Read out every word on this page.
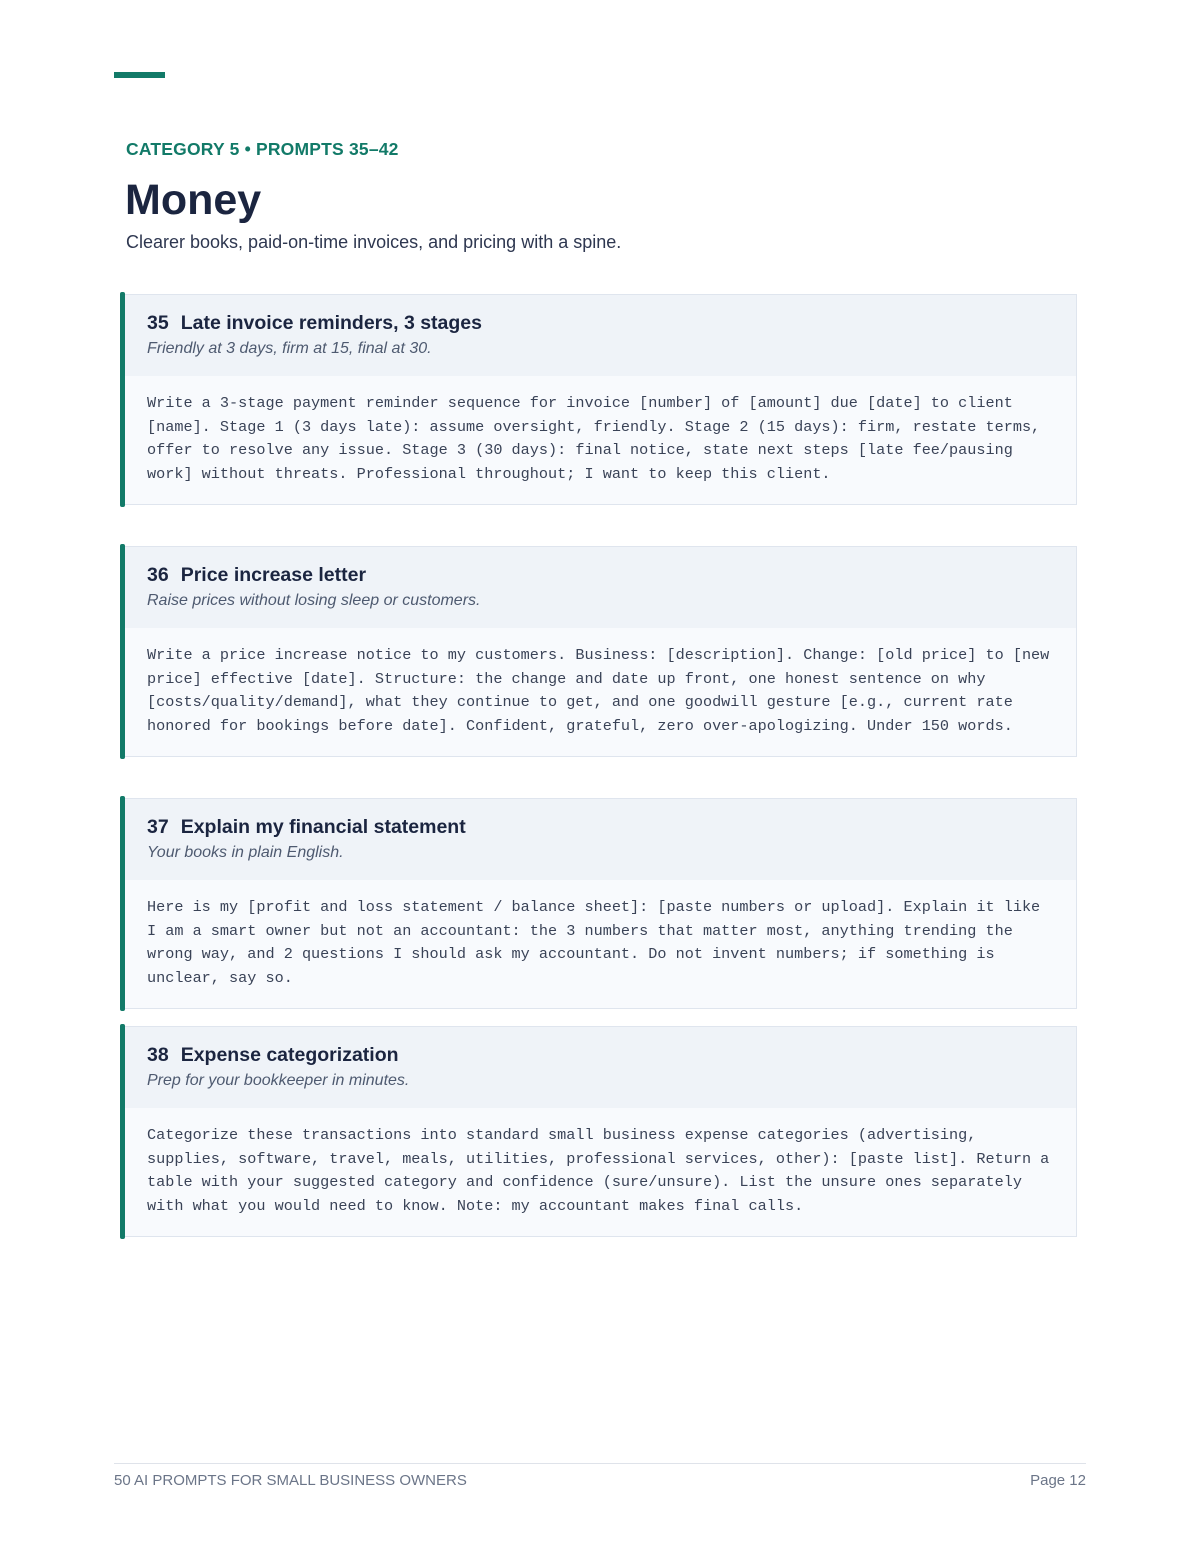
CATEGORY 5 • PROMPTS 35–42
Money
Clearer books, paid-on-time invoices, and pricing with a spine.
35 Late invoice reminders, 3 stages
Friendly at 3 days, firm at 15, final at 30.
Write a 3-stage payment reminder sequence for invoice [number] of [amount] due [date] to client [name]. Stage 1 (3 days late): assume oversight, friendly. Stage 2 (15 days): firm, restate terms, offer to resolve any issue. Stage 3 (30 days): final notice, state next steps [late fee/pausing work] without threats. Professional throughout; I want to keep this client.
36 Price increase letter
Raise prices without losing sleep or customers.
Write a price increase notice to my customers. Business: [description]. Change: [old price] to [new price] effective [date]. Structure: the change and date up front, one honest sentence on why [costs/quality/demand], what they continue to get, and one goodwill gesture [e.g., current rate honored for bookings before date]. Confident, grateful, zero over-apologizing. Under 150 words.
37 Explain my financial statement
Your books in plain English.
Here is my [profit and loss statement / balance sheet]: [paste numbers or upload]. Explain it like I am a smart owner but not an accountant: the 3 numbers that matter most, anything trending the wrong way, and 2 questions I should ask my accountant. Do not invent numbers; if something is unclear, say so.
38 Expense categorization
Prep for your bookkeeper in minutes.
Categorize these transactions into standard small business expense categories (advertising, supplies, software, travel, meals, utilities, professional services, other): [paste list]. Return a table with your suggested category and confidence (sure/unsure). List the unsure ones separately with what you would need to know. Note: my accountant makes final calls.
50 AI PROMPTS FOR SMALL BUSINESS OWNERS	Page 12
